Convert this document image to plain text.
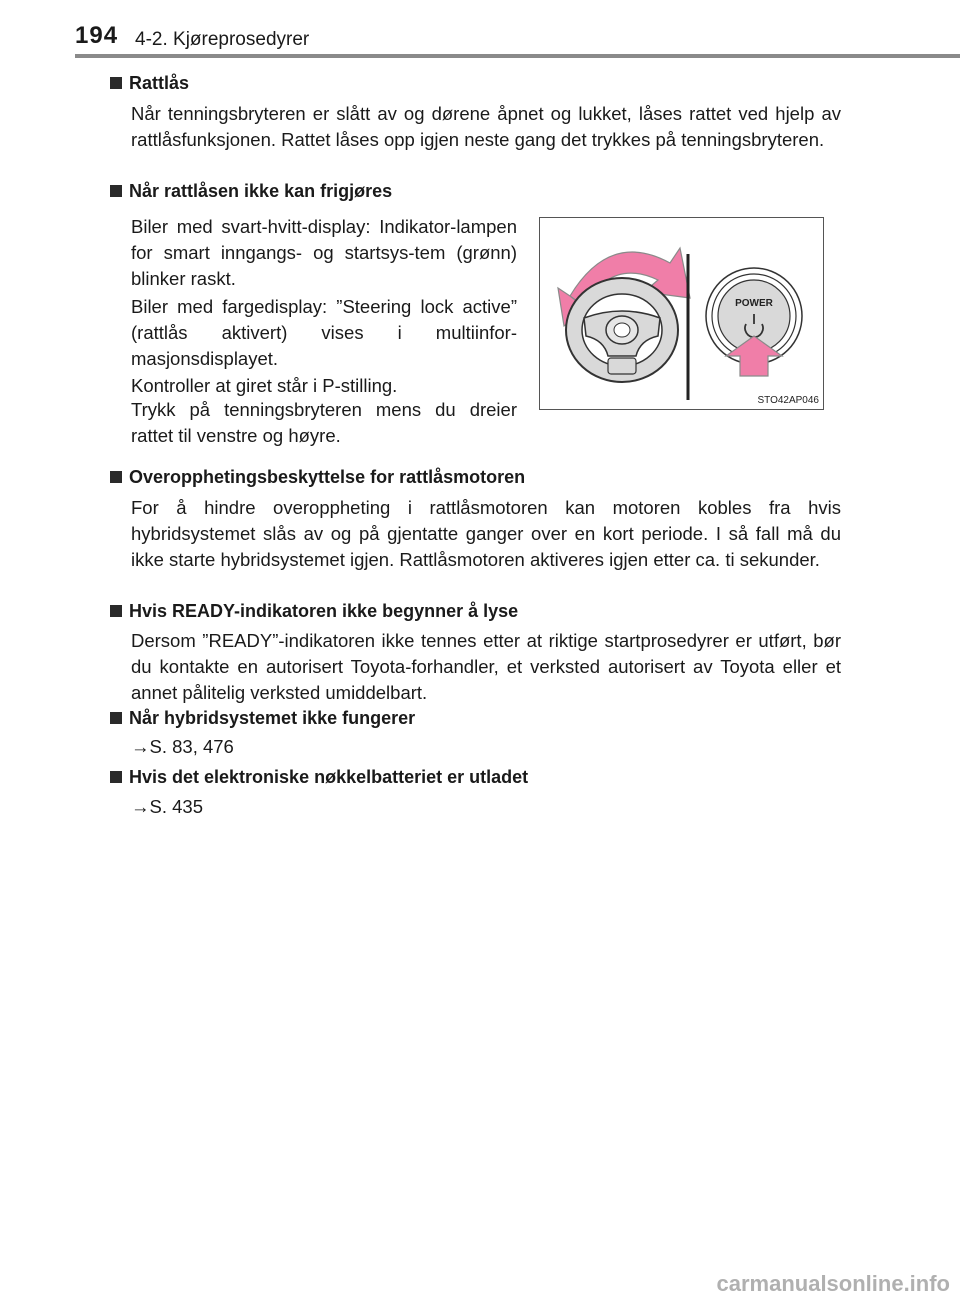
194 4-2. Kjøreprosedyrer
Rattlås
Når tenningsbryteren er slått av og dørene åpnet og lukket, låses rattet ved hjelp av rattlåsfunksjonen. Rattet låses opp igjen neste gang det trykkes på tenningsbryteren.
Når rattlåsen ikke kan frigjøres
Biler med svart-hvitt-display: Indikator-lampen for smart inngangs- og startsys-tem (grønn) blinker raskt.
Biler med fargedisplay: ”Steering lock active” (rattlås aktivert) vises i multiinfor-masjonsdisplayet.
Kontroller at giret står i P-stilling.
Trykk på tenningsbryteren mens du dreier rattet til venstre og høyre.
POWER
STO42AP046
Overopphetingsbeskyttelse for rattlåsmotoren
For å hindre overoppheting i rattlåsmotoren kan motoren kobles fra hvis hybridsystemet slås av og på gjentatte ganger over en kort periode. I så fall må du ikke starte hybridsystemet igjen. Rattlåsmotoren aktiveres igjen etter ca. ti sekunder.
Hvis READY-indikatoren ikke begynner å lyse
Dersom ”READY”-indikatoren ikke tennes etter at riktige startprosedyrer er utført, bør du kontakte en autorisert Toyota-forhandler, et verksted autorisert av Toyota eller et annet pålitelig verksted umiddelbart.
Når hybridsystemet ikke fungerer
→S. 83, 476
Hvis det elektroniske nøkkelbatteriet er utladet
→S. 435
carmanualsonline.info
